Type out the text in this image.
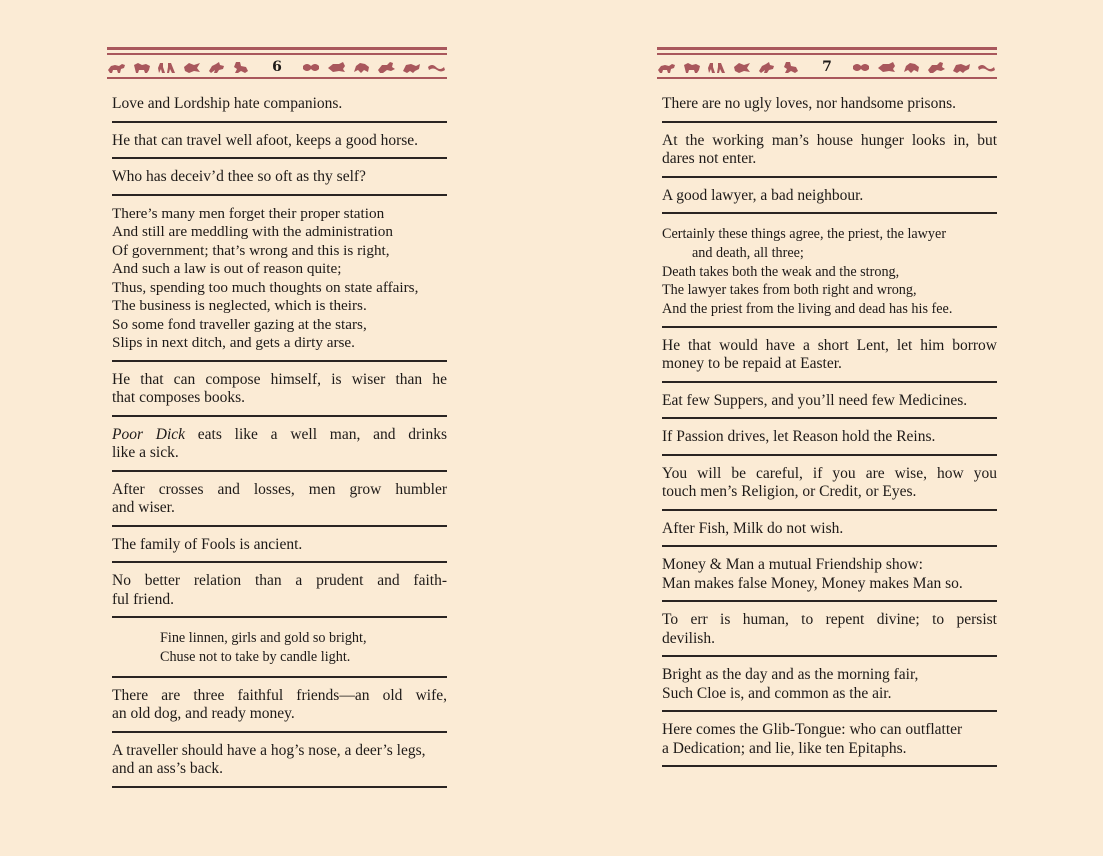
6
Love and Lordship hate companions.
He that can travel well afoot, keeps a good horse.
Who has deceiv’d thee so oft as thy self?
There’s many men forget their proper station
And still are meddling with the administration
Of government; that’s wrong and this is right,
And such a law is out of reason quite;
Thus, spending too much thoughts on state affairs,
The business is neglected, which is theirs.
So some fond traveller gazing at the stars,
Slips in next ditch, and gets a dirty arse.
He that can compose himself, is wiser than he
that composes books.
Poor Dick eats like a well man, and drinks
like a sick.
After crosses and losses, men grow humbler
and wiser.
The family of Fools is ancient.
No better relation than a prudent and faith-
ful friend.
Fine linnen, girls and gold so bright,
Chuse not to take by candle light.
There are three faithful friends—an old wife,
an old dog, and ready money.
A traveller should have a hog’s nose, a deer’s legs,
and an ass’s back.
7
There are no ugly loves, nor handsome prisons.
At the working man’s house hunger looks in, but
dares not enter.
A good lawyer, a bad neighbour.
Certainly these things agree, the priest, the lawyer
and death, all three;
Death takes both the weak and the strong,
The lawyer takes from both right and wrong,
And the priest from the living and dead has his fee.
He that would have a short Lent, let him borrow
money to be repaid at Easter.
Eat few Suppers, and you’ll need few Medicines.
If Passion drives, let Reason hold the Reins.
You will be careful, if you are wise, how you
touch men’s Religion, or Credit, or Eyes.
After Fish, Milk do not wish.
Money & Man a mutual Friendship show:
Man makes false Money, Money makes Man so.
To err is human, to repent divine; to persist
devilish.
Bright as the day and as the morning fair,
Such Cloe is, and common as the air.
Here comes the Glib-Tongue: who can outflatter
a Dedication; and lie, like ten Epitaphs.
